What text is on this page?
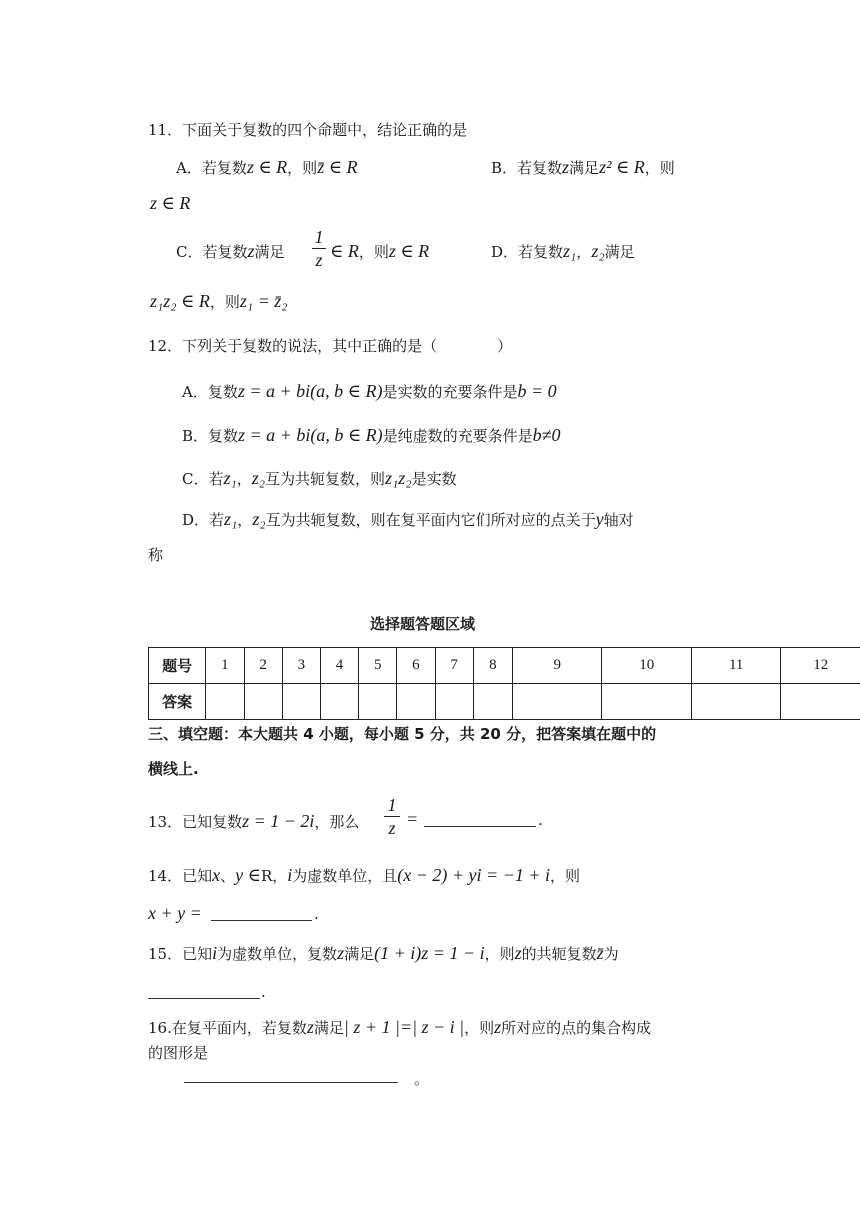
11．下面关于复数的四个命题中，结论正确的是
A．若复数z ∈ R，则z̄ ∈ R	B．若复数z满足z² ∈ R，则
z ∈ R
C．若复数z满足
1
z ∈ R，则z ∈ R	D．若复数z₁，z₂满足
z₁z₂ ∈ R，则z₁ = z̄₂
12．下列关于复数的说法，其中正确的是（　　　　）
A．复数z = a + bi(a, b ∈ R)是实数的充要条件是b = 0
B．复数z = a + bi(a, b ∈ R)是纯虚数的充要条件是b≠0
C．若z₁，z₂互为共轭复数，则z₁z₂是实数
D．若z₁，z₂互为共轭复数，则在复平面内它们所对应的点关于y轴对
称
选择题答题区域
题号	1	2	3	4	5	6	7	8	9	10	11	12
答案												
三、填空题：本大题共 4 小题，每小题 5 分，共 20 分，把答案填在题中的
横线上.
13．已知复数z = 1 − 2i，那么
1
z =	.
14．已知x、y ∈R，i为虚数单位，且(x − 2) + yi = −1 + i，则
x + y =	.
15．已知i为虚数单位，复数z满足(1 + i)z = 1 − i，则z的共轭复数z̄为
.
16.在复平面内，若复数z满足| z + 1 |=| z − i |，则z所对应的点的集合构成
的图形是
。
